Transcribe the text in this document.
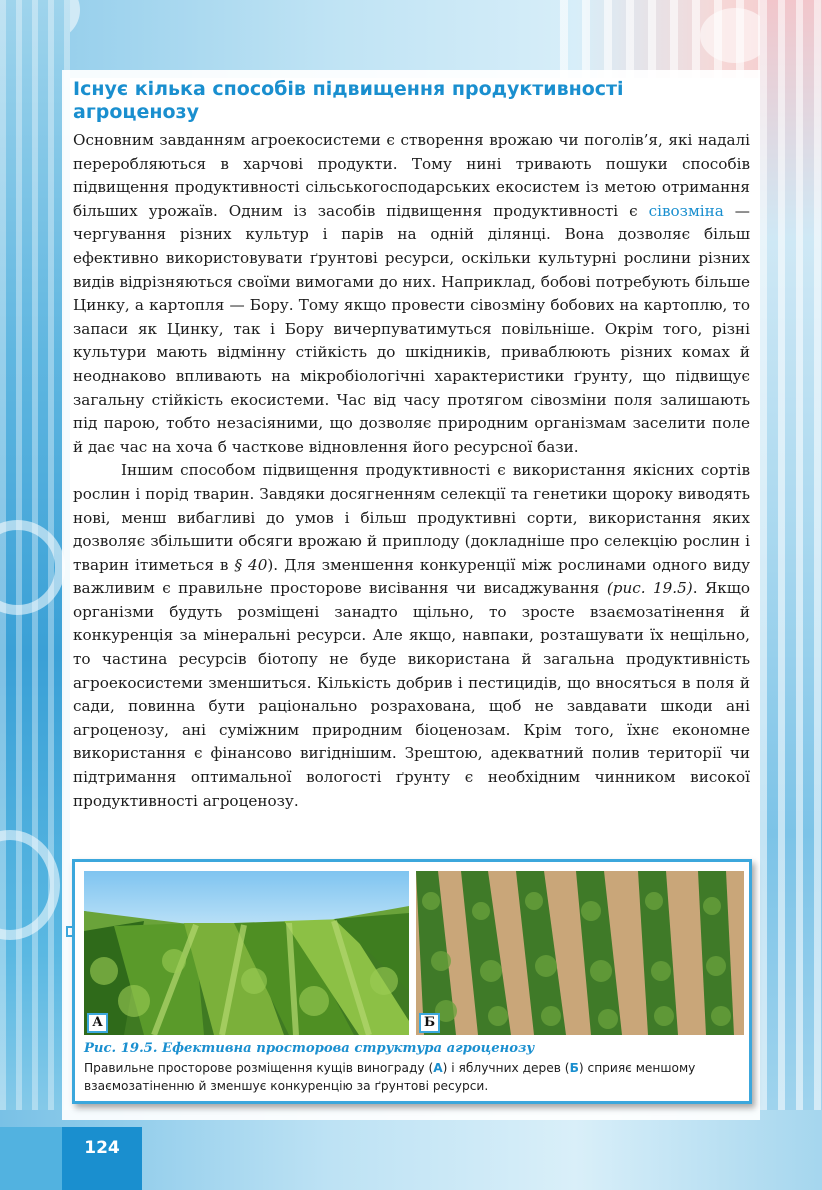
Існує кілька способів підвищення продуктивності агроценозу

Основним завданням агроекосистеми є створення врожаю чи поголів’я, які надалі переробляються в харчові продукти. Тому нині тривають пошуки способів підвищення продуктивності сільськогосподарських екосистем із метою отримання більших урожаїв. Одним із засобів підвищення продуктивності є сівозміна — чергування різних культур і парів на одній ділянці. Вона дозволяє більш ефективно використовувати ґрунтові ресурси, оскільки культурні рослини різних видів відрізняються своїми вимогами до них. Наприклад, бобові потребують більше Цинку, а картопля — Бору. Тому якщо провести сівозміну бобових на картоплю, то запаси як Цинку, так і Бору вичерпуватимуться повільніше. Окрім того, різні культури мають відмінну стійкість до шкідників, приваблюють різних комах й неоднаково впливають на мікробіологічні характеристики ґрунту, що підвищує загальну стійкість екосистеми. Час від часу протягом сівозміни поля залишають під парою, тобто незасіяними, що дозволяє природним організмам заселити поле й дає час на хоча б часткове відновлення його ресурсної бази.

Іншим способом підвищення продуктивності є використання якісних сортів рослин і порід тварин. Завдяки досягненням селекції та генетики щороку виводять нові, менш вибагливі до умов і більш продуктивні сорти, використання яких дозволяє збільшити обсяги врожаю й приплоду (докладніше про селекцію рослин і тварин ітиметься в § 40). Для зменшення конкуренції між рослинами одного виду важливим є правильне просторове висівання чи висаджування (рис. 19.5). Якщо організми будуть розміщені занадто щільно, то зросте взаємозатінення й конкуренція за мінеральні ресурси. Але якщо, навпаки, розташувати їх нещільно, то частина ресурсів біотопу не буде використана й загальна продуктивність агроекосистеми зменшиться. Кількість добрив і пестицидів, що вносяться в поля й сади, повинна бути раціонально розрахована, щоб не завдавати шкоди ані агроценозу, ані суміжним природним біоценозам. Крім того, їхнє економне використання є фінансово вигіднішим. Зрештою, адекватний полив території чи підтримання оптимальної вологості ґрунту є необхідним чинником високої продуктивності агроценозу.

А	Б
Рис. 19.5. Ефективна просторова структура агроценозу
Правильне просторове розміщення кущів винограду (А) і яблучних дерев (Б) сприяє меншому взаємозатіненню й зменшує конкуренцію за ґрунтові ресурси.
124
